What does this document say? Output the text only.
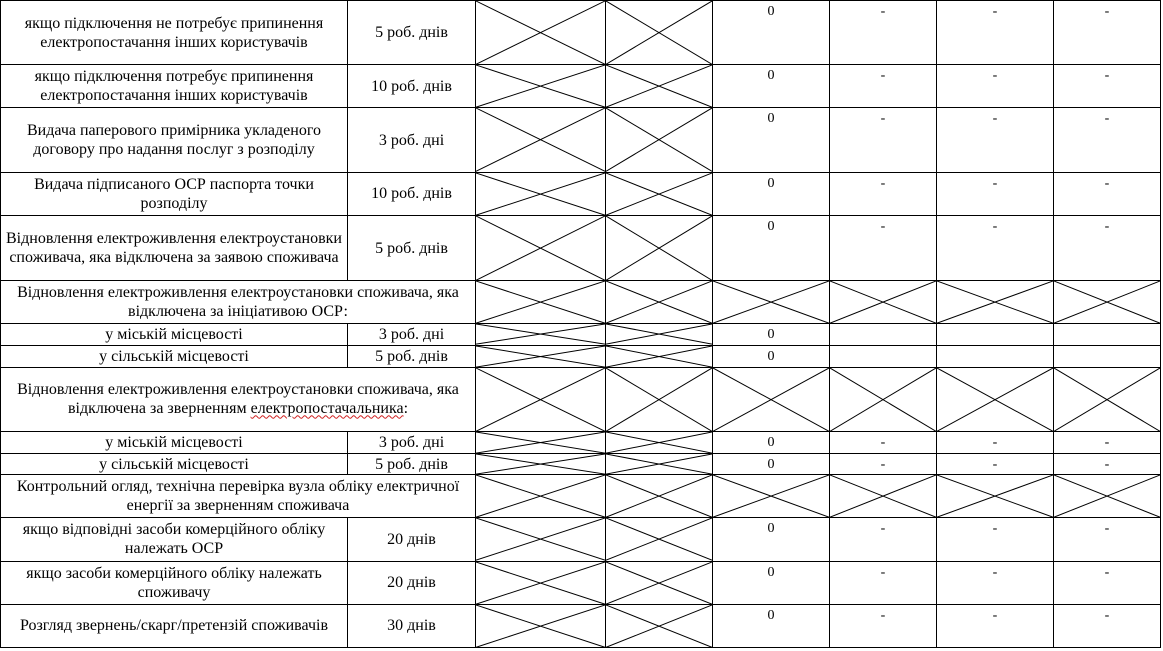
якщо підключення не потребує припинення електропостачання інших користувачів	5 роб. днів			0	-	-	-
якщо підключення потребує припинення електропостачання інших користувачів	10 роб. днів			0	-	-	-
Видача паперового примірника укладеного договору про надання послуг з розподілу	3 роб. дні			0	-	-	-
Видача підписаного ОСР паспорта точки розподілу	10 роб. днів			0	-	-	-
Відновлення електроживлення електроустановки споживача, яка відключена за заявою споживача	5 роб. днів			0	-	-	-
Відновлення електроживлення електроустановки споживача, яка відключена за ініціативою ОСР:	

у міській місцевості	3 роб. дні			0			
у сільській місцевості	5 роб. днів			0			
Відновлення електроживлення електроустановки споживача, яка відключена за зверненням електропостачальника:	

у міській місцевості	3 роб. дні			0	-	-	-
у сільській місцевості	5 роб. днів			0	-	-	-
Контрольний огляд, технічна перевірка вузла обліку електричної енергії за зверненням споживача	

якщо відповідні засоби комерційного обліку належать ОСР	20 днів			0	-	-	-
якщо засоби комерційного обліку належать споживачу	20 днів			0	-	-	-
Розгляд звернень/скарг/претензій споживачів	30 днів			0	-	-	-
